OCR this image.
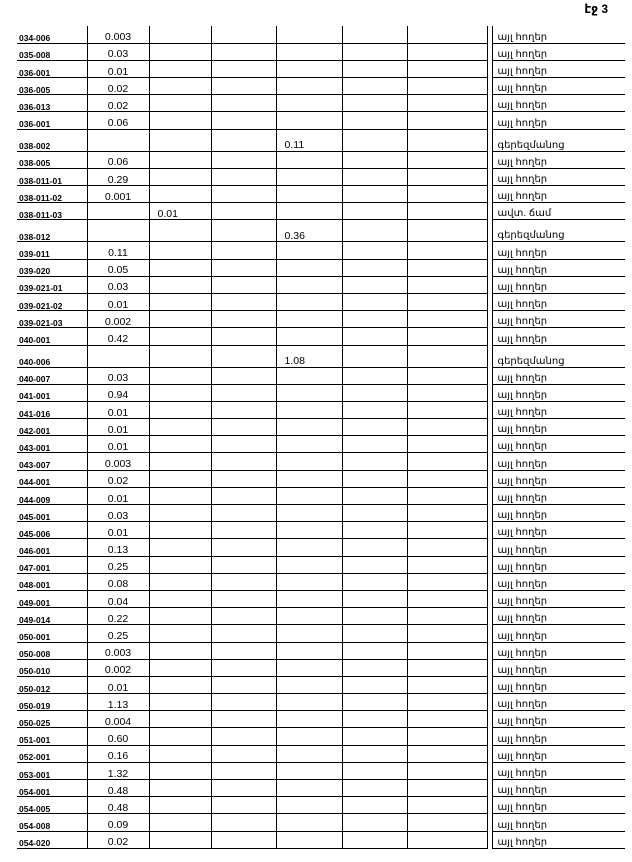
էջ 3
034-006	0.003							այլ հողեր
035-008	0.03							այլ հողեր
036-001	0.01							այլ հողեր
036-005	0.02							այլ հողեր
036-013	0.02							այլ հողեր
036-001	0.06							այլ հողեր
038-002				0.11				գերեզմանոց
038-005	0.06							այլ հողեր
038-011-01	0.29							այլ հողեր
038-011-02	0.001							այլ հողեր
038-011-03		0.01						ավտ. ճամ
038-012				0.36				գերեզմանոց
039-011	0.11							այլ հողեր
039-020	0.05							այլ հողեր
039-021-01	0.03							այլ հողեր
039-021-02	0.01							այլ հողեր
039-021-03	0.002							այլ հողեր
040-001	0.42							այլ հողեր
040-006				1.08				գերեզմանոց
040-007	0.03							այլ հողեր
041-001	0.94							այլ հողեր
041-016	0.01							այլ հողեր
042-001	0.01							այլ հողեր
043-001	0.01							այլ հողեր
043-007	0.003							այլ հողեր
044-001	0.02							այլ հողեր
044-009	0.01							այլ հողեր
045-001	0.03							այլ հողեր
045-006	0.01							այլ հողեր
046-001	0.13							այլ հողեր
047-001	0.25							այլ հողեր
048-001	0.08							այլ հողեր
049-001	0.04							այլ հողեր
049-014	0.22							այլ հողեր
050-001	0.25							այլ հողեր
050-008	0.003							այլ հողեր
050-010	0.002							այլ հողեր
050-012	0.01							այլ հողեր
050-019	1.13							այլ հողեր
050-025	0.004							այլ հողեր
051-001	0.60							այլ հողեր
052-001	0.16							այլ հողեր
053-001	1.32							այլ հողեր
054-001	0.48							այլ հողեր
054-005	0.48							այլ հողեր
054-008	0.09							այլ հողեր
054-020	0.02							այլ հողեր
